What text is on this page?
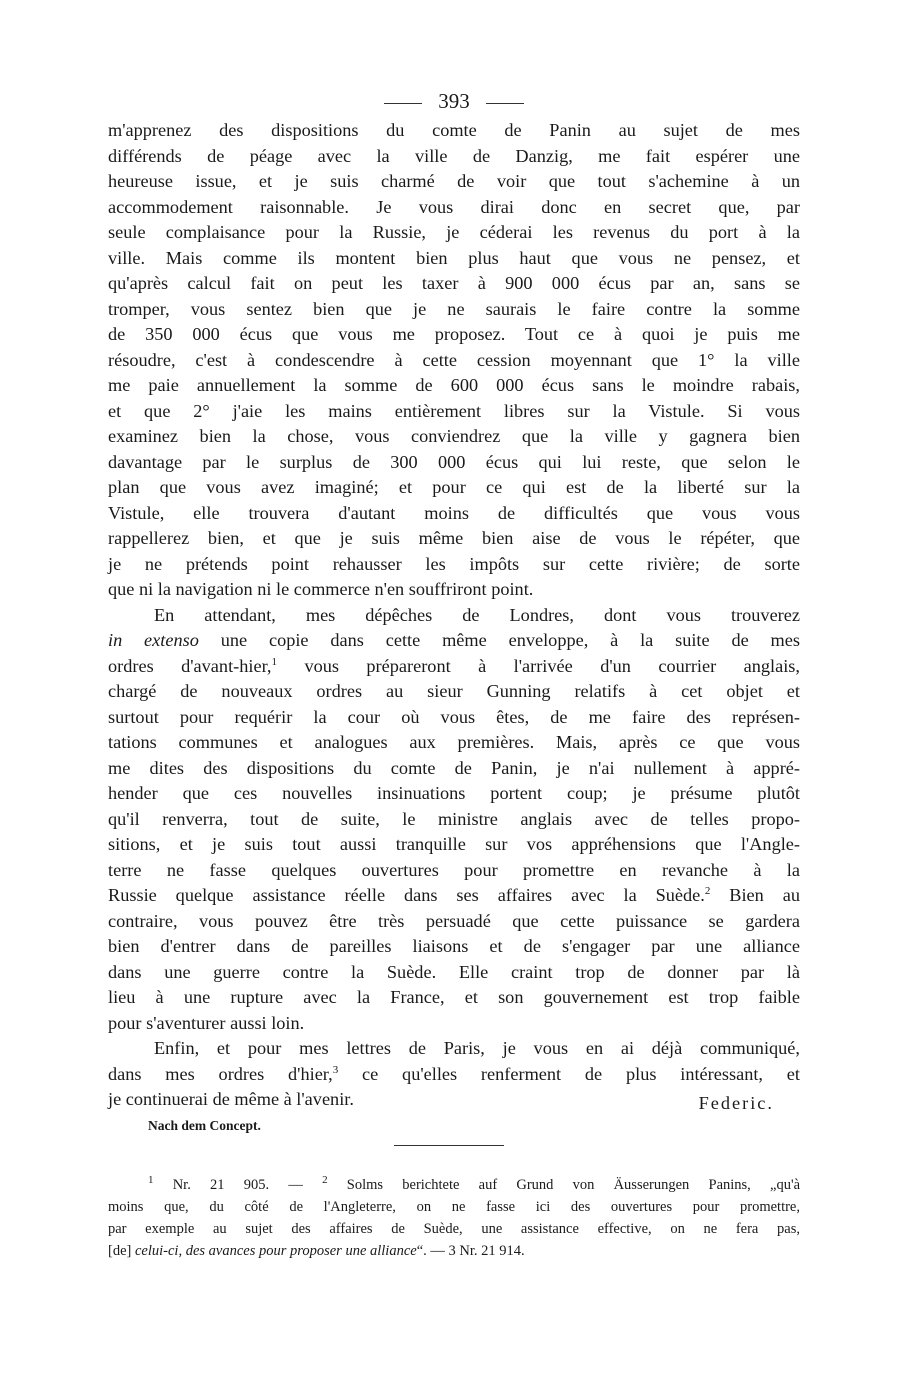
393
m'apprenez des dispositions du comte de Panin au sujet de mes
différends de péage avec la ville de Danzig, me fait espérer une
heureuse issue, et je suis charmé de voir que tout s'achemine à un
accommodement raisonnable. Je vous dirai donc en secret que, par
seule complaisance pour la Russie, je céderai les revenus du port à la
ville. Mais comme ils montent bien plus haut que vous ne pensez, et
qu'après calcul fait on peut les taxer à 900 000 écus par an, sans se
tromper, vous sentez bien que je ne saurais le faire contre la somme
de 350 000 écus que vous me proposez. Tout ce à quoi je puis me
résoudre, c'est à condescendre à cette cession moyennant que 1° la ville
me paie annuellement la somme de 600 000 écus sans le moindre rabais,
et que 2° j'aie les mains entièrement libres sur la Vistule. Si vous
examinez bien la chose, vous conviendrez que la ville y gagnera bien
davantage par le surplus de 300 000 écus qui lui reste, que selon le
plan que vous avez imaginé; et pour ce qui est de la liberté sur la
Vistule, elle trouvera d'autant moins de difficultés que vous vous
rappellerez bien, et que je suis même bien aise de vous le répéter, que
je ne prétends point rehausser les impôts sur cette rivière; de sorte
que ni la navigation ni le commerce n'en souffriront point.
En attendant, mes dépêches de Londres, dont vous trouverez
in extenso une copie dans cette même enveloppe, à la suite de mes
ordres d'avant-hier,$^1$ vous prépareront à l'arrivée d'un courrier anglais,
chargé de nouveaux ordres au sieur Gunning relatifs à cet objet et
surtout pour requérir la cour où vous êtes, de me faire des représen-
tations communes et analogues aux premières. Mais, après ce que vous
me dites des dispositions du comte de Panin, je n'ai nullement à appré-
hender que ces nouvelles insinuations portent coup; je présume plutôt
qu'il renverra, tout de suite, le ministre anglais avec de telles propo-
sitions, et je suis tout aussi tranquille sur vos appréhensions que l'Angle-
terre ne fasse quelques ouvertures pour promettre en revanche à la
Russie quelque assistance réelle dans ses affaires avec la Suède.$^2$ Bien au
contraire, vous pouvez être très persuadé que cette puissance se gardera
bien d'entrer dans de pareilles liaisons et de s'engager par une alliance
dans une guerre contre la Suède. Elle craint trop de donner par là
lieu à une rupture avec la France, et son gouvernement est trop faible
pour s'aventurer aussi loin.
Enfin, et pour mes lettres de Paris, je vous en ai déjà communiqué,
dans mes ordres d'hier,$^3$ ce qu'elles renferment de plus intéressant, et
je continuerai de même à l'avenir.	Federic.
Nach dem Concept.
$^1$ Nr. 21 905. — $^2$ Solms berichtete auf Grund von Äusserungen Panins, „qu'à
moins que, du côté de l'Angleterre, on ne fasse ici des ouvertures pour promettre,
par exemple au sujet des affaires de Suède, une assistance effective, on ne fera pas,
[de] celui-ci, des avances pour proposer une alliance“. — 3 Nr. 21 914.
